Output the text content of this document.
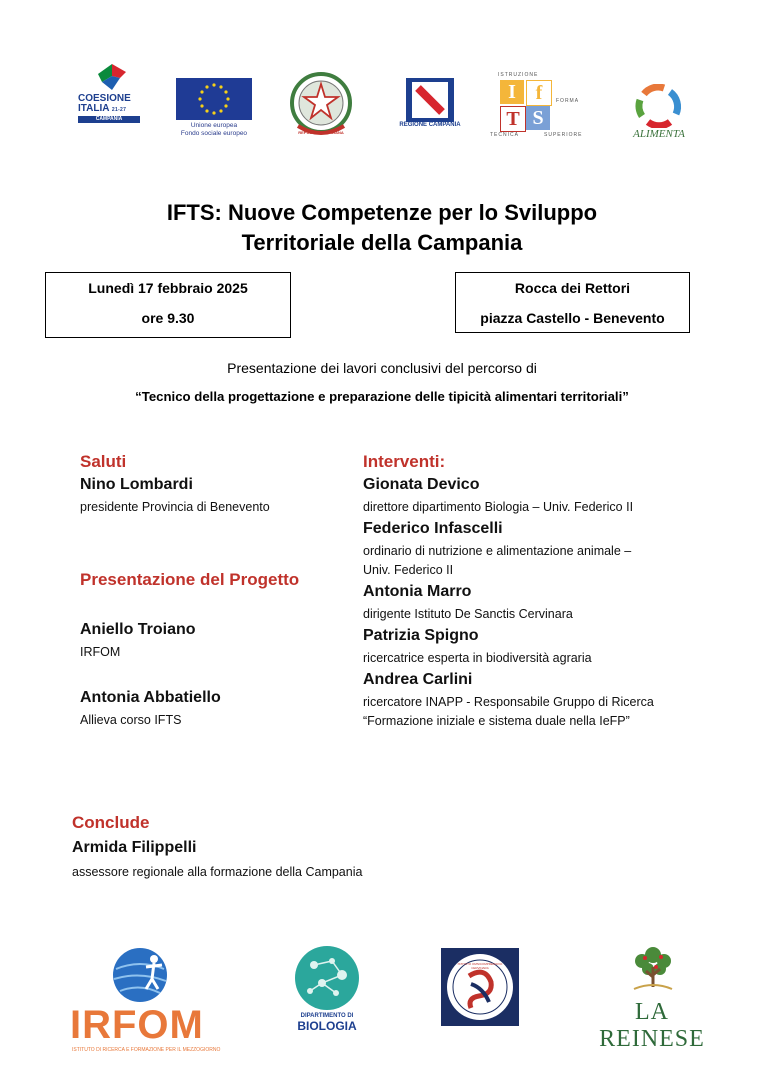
COESIONE
ITALIA 21-27
CAMPANIA
Unione europea
Fondo sociale europeo	REPUBBLICA ITALIANA
REGIONE CAMPANIA
ISTRUZIONE
FORMA
TECNICA	SUPERIORE
I f
T S
ALIMENTA
IFTS: Nuove Competenze per lo Sviluppo
Territoriale della Campania
Lunedì 17 febbraio 2025
ore 9.30
Rocca dei Rettori
piazza Castello - Benevento
Presentazione dei lavori conclusivi del percorso di
“Tecnico della progettazione e preparazione delle tipicità alimentari territoriali”
Saluti
Nino Lombardi
presidente Provincia di Benevento
Presentazione del Progetto
Aniello Troiano
IRFOM
Antonia Abbatiello
Allieva corso IFTS
Interventi:
Gionata Devico
direttore dipartimento Biologia – Univ. Federico II
Federico Infascelli
ordinario di nutrizione e alimentazione animale –
Univ. Federico II
Antonia Marro
dirigente Istituto De Sanctis Cervinara
Patrizia Spigno
ricercatrice esperta in biodiversità agraria
Andrea Carlini
ricercatore INAPP - Responsabile Gruppo di Ricerca
“Formazione iniziale e sistema duale nella IeFP”
Conclude
Armida Filippelli
assessore regionale alla formazione della Campania
IRFOM
ISTITUTO DI RICERCA E FORMAZIONE PER IL MEZZOGIORNO
DIPARTIMENTO DI
BIOLOGIA
ISTITUTO OMNICOMPRENSIVO CERVINARA
LA REINESE
